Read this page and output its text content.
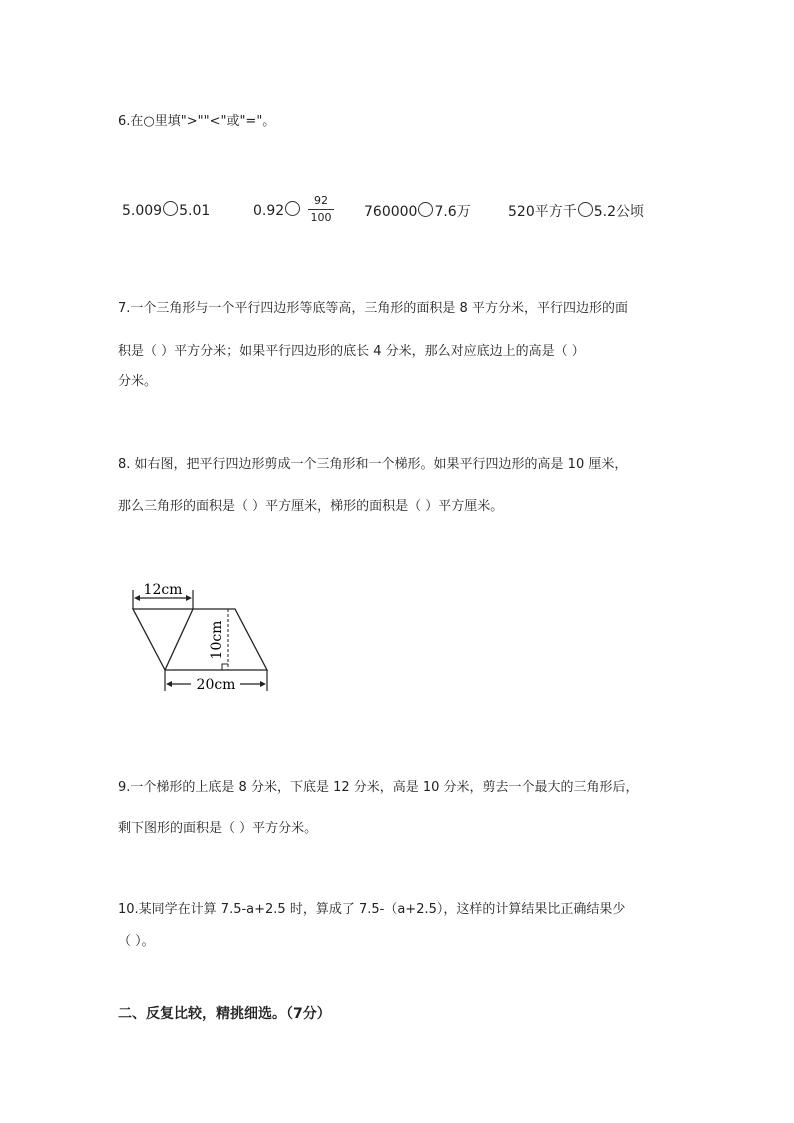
6.在○里填">""<"或"="。
5.009 5.01	0.92	$\frac{92}{100} 760000$ 7.6万	520平方千 5.2公顷
7.一个三角形与一个平行四边形等底等高，三角形的面积是 8 平方分米，平行四边形的面
积是（ ）平方分米；如果平行四边形的底长 4 分米，那么对应底边上的高是（ ）
分米。
8. 如右图，把平行四边形剪成一个三角形和一个梯形。如果平行四边形的高是 10 厘米，
那么三角形的面积是（ ）平方厘米，梯形的面积是（ ）平方厘米。
12cm
10cm
20cm
9.一个梯形的上底是 8 分米，下底是 12 分米，高是 10 分米，剪去一个最大的三角形后，
剩下图形的面积是（ ）平方分米。
10.某同学在计算 7.5-a+2.5 时，算成了 7.5-（a+2.5），这样的计算结果比正确结果少
（ ）。
二、反复比较，精挑细选。（7分）
